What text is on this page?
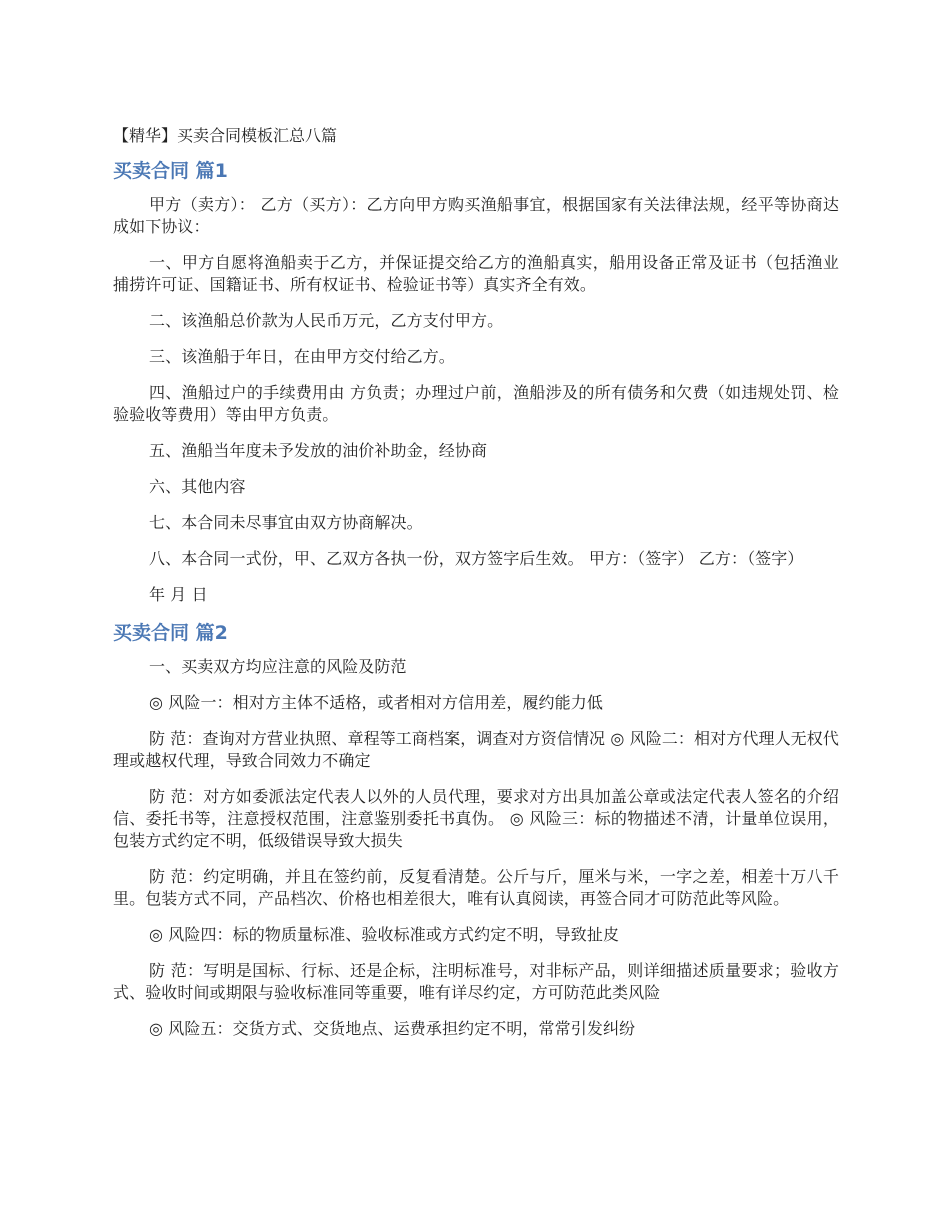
【精华】买卖合同模板汇总八篇
买卖合同 篇1

甲方（卖方）： 乙方（买方）：乙方向甲方购买渔船事宜，根据国家有关法律法规，经平等协商达成如下协议：

一、甲方自愿将渔船卖于乙方，并保证提交给乙方的渔船真实，船用设备正常及证书（包括渔业捕捞许可证、国籍证书、所有权证书、检验证书等）真实齐全有效。

二、该渔船总价款为人民币万元，乙方支付甲方。

三、该渔船于年日，在由甲方交付给乙方。

四、渔船过户的手续费用由 方负责；办理过户前，渔船涉及的所有债务和欠费（如违规处罚、检验验收等费用）等由甲方负责。

五、渔船当年度未予发放的油价补助金，经协商

六、其他内容

七、本合同未尽事宜由双方协商解决。

八、本合同一式份，甲、乙双方各执一份，双方签字后生效。 甲方：（签字） 乙方：（签字）

年 月 日

买卖合同 篇2

一、买卖双方均应注意的风险及防范

◎ 风险一：相对方主体不适格，或者相对方信用差，履约能力低

防 范：查询对方营业执照、章程等工商档案，调查对方资信情况 ◎ 风险二：相对方代理人无权代理或越权代理，导致合同效力不确定

防 范：对方如委派法定代表人以外的人员代理，要求对方出具加盖公章或法定代表人签名的介绍信、委托书等，注意授权范围，注意鉴别委托书真伪。 ◎ 风险三：标的物描述不清，计量单位误用，包装方式约定不明，低级错误导致大损失

防 范：约定明确，并且在签约前，反复看清楚。公斤与斤，厘米与米，一字之差，相差十万八千里。包装方式不同，产品档次、价格也相差很大，唯有认真阅读，再签合同才可防范此等风险。

◎ 风险四：标的物质量标准、验收标准或方式约定不明，导致扯皮

防 范：写明是国标、行标、还是企标，注明标准号，对非标产品，则详细描述质量要求；验收方式、验收时间或期限与验收标准同等重要，唯有详尽约定，方可防范此类风险

◎ 风险五：交货方式、交货地点、运费承担约定不明，常常引发纠纷
